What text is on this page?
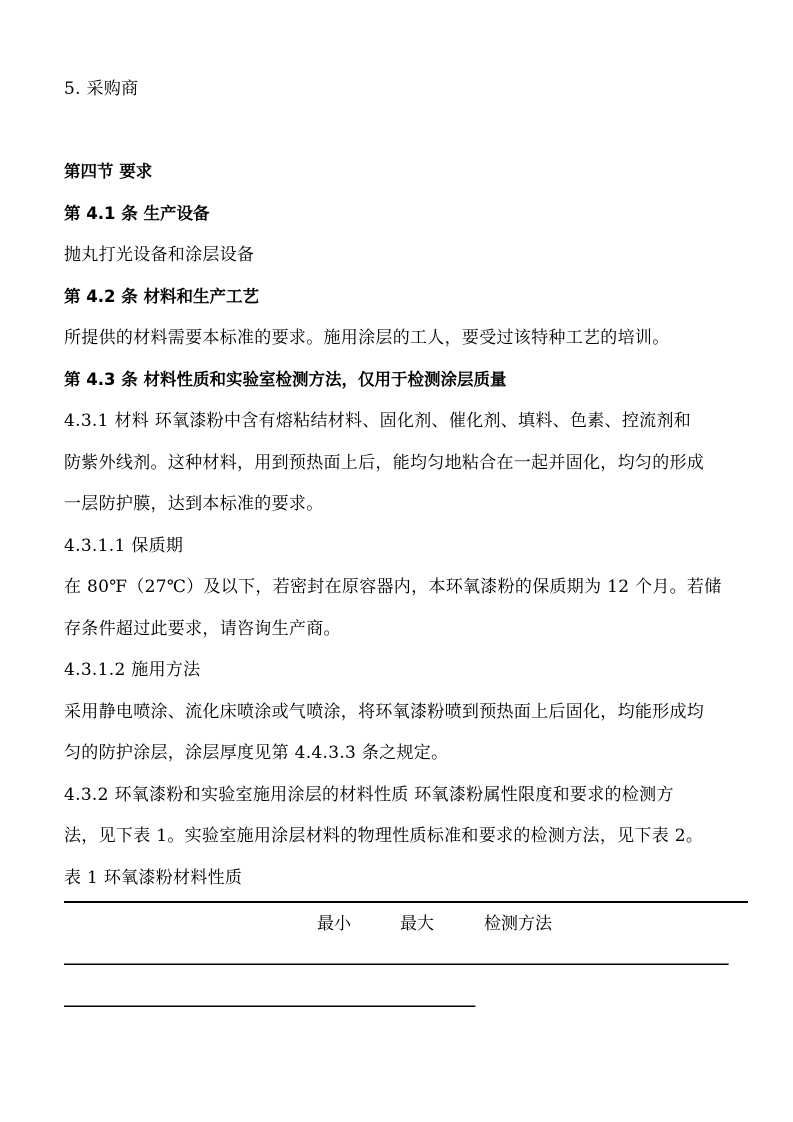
5. 采购商
第四节 要求
第 4.1 条 生产设备
抛丸打光设备和涂层设备
第 4.2 条 材料和生产工艺
所提供的材料需要本标准的要求。施用涂层的工人，要受过该特种工艺的培训。
第 4.3 条 材料性质和实验室检测方法，仅用于检测涂层质量
4.3.1 材料 环氧漆粉中含有熔粘结材料、固化剂、催化剂、填料、色素、控流剂和
防紫外线剂。这种材料，用到预热面上后，能均匀地粘合在一起并固化，均匀的形成
一层防护膜，达到本标准的要求。
4.3.1.1 保质期
在 80℉（27℃）及以下，若密封在原容器内，本环氧漆粉的保质期为 12 个月。若储
存条件超过此要求，请咨询生产商。
4.3.1.2 施用方法
采用静电喷涂、流化床喷涂或气喷涂，将环氧漆粉喷到预热面上后固化，均能形成均
匀的防护涂层，涂层厚度见第 4.4.3.3 条之规定。
4.3.2 环氧漆粉和实验室施用涂层的材料性质 环氧漆粉属性限度和要求的检测方
法，见下表 1。实验室施用涂层材料的物理性质标准和要求的检测方法，见下表 2。
表 1 环氧漆粉材料性质
最小	最大	检测方法
____________________________________________________________________________
_______________________________________________
